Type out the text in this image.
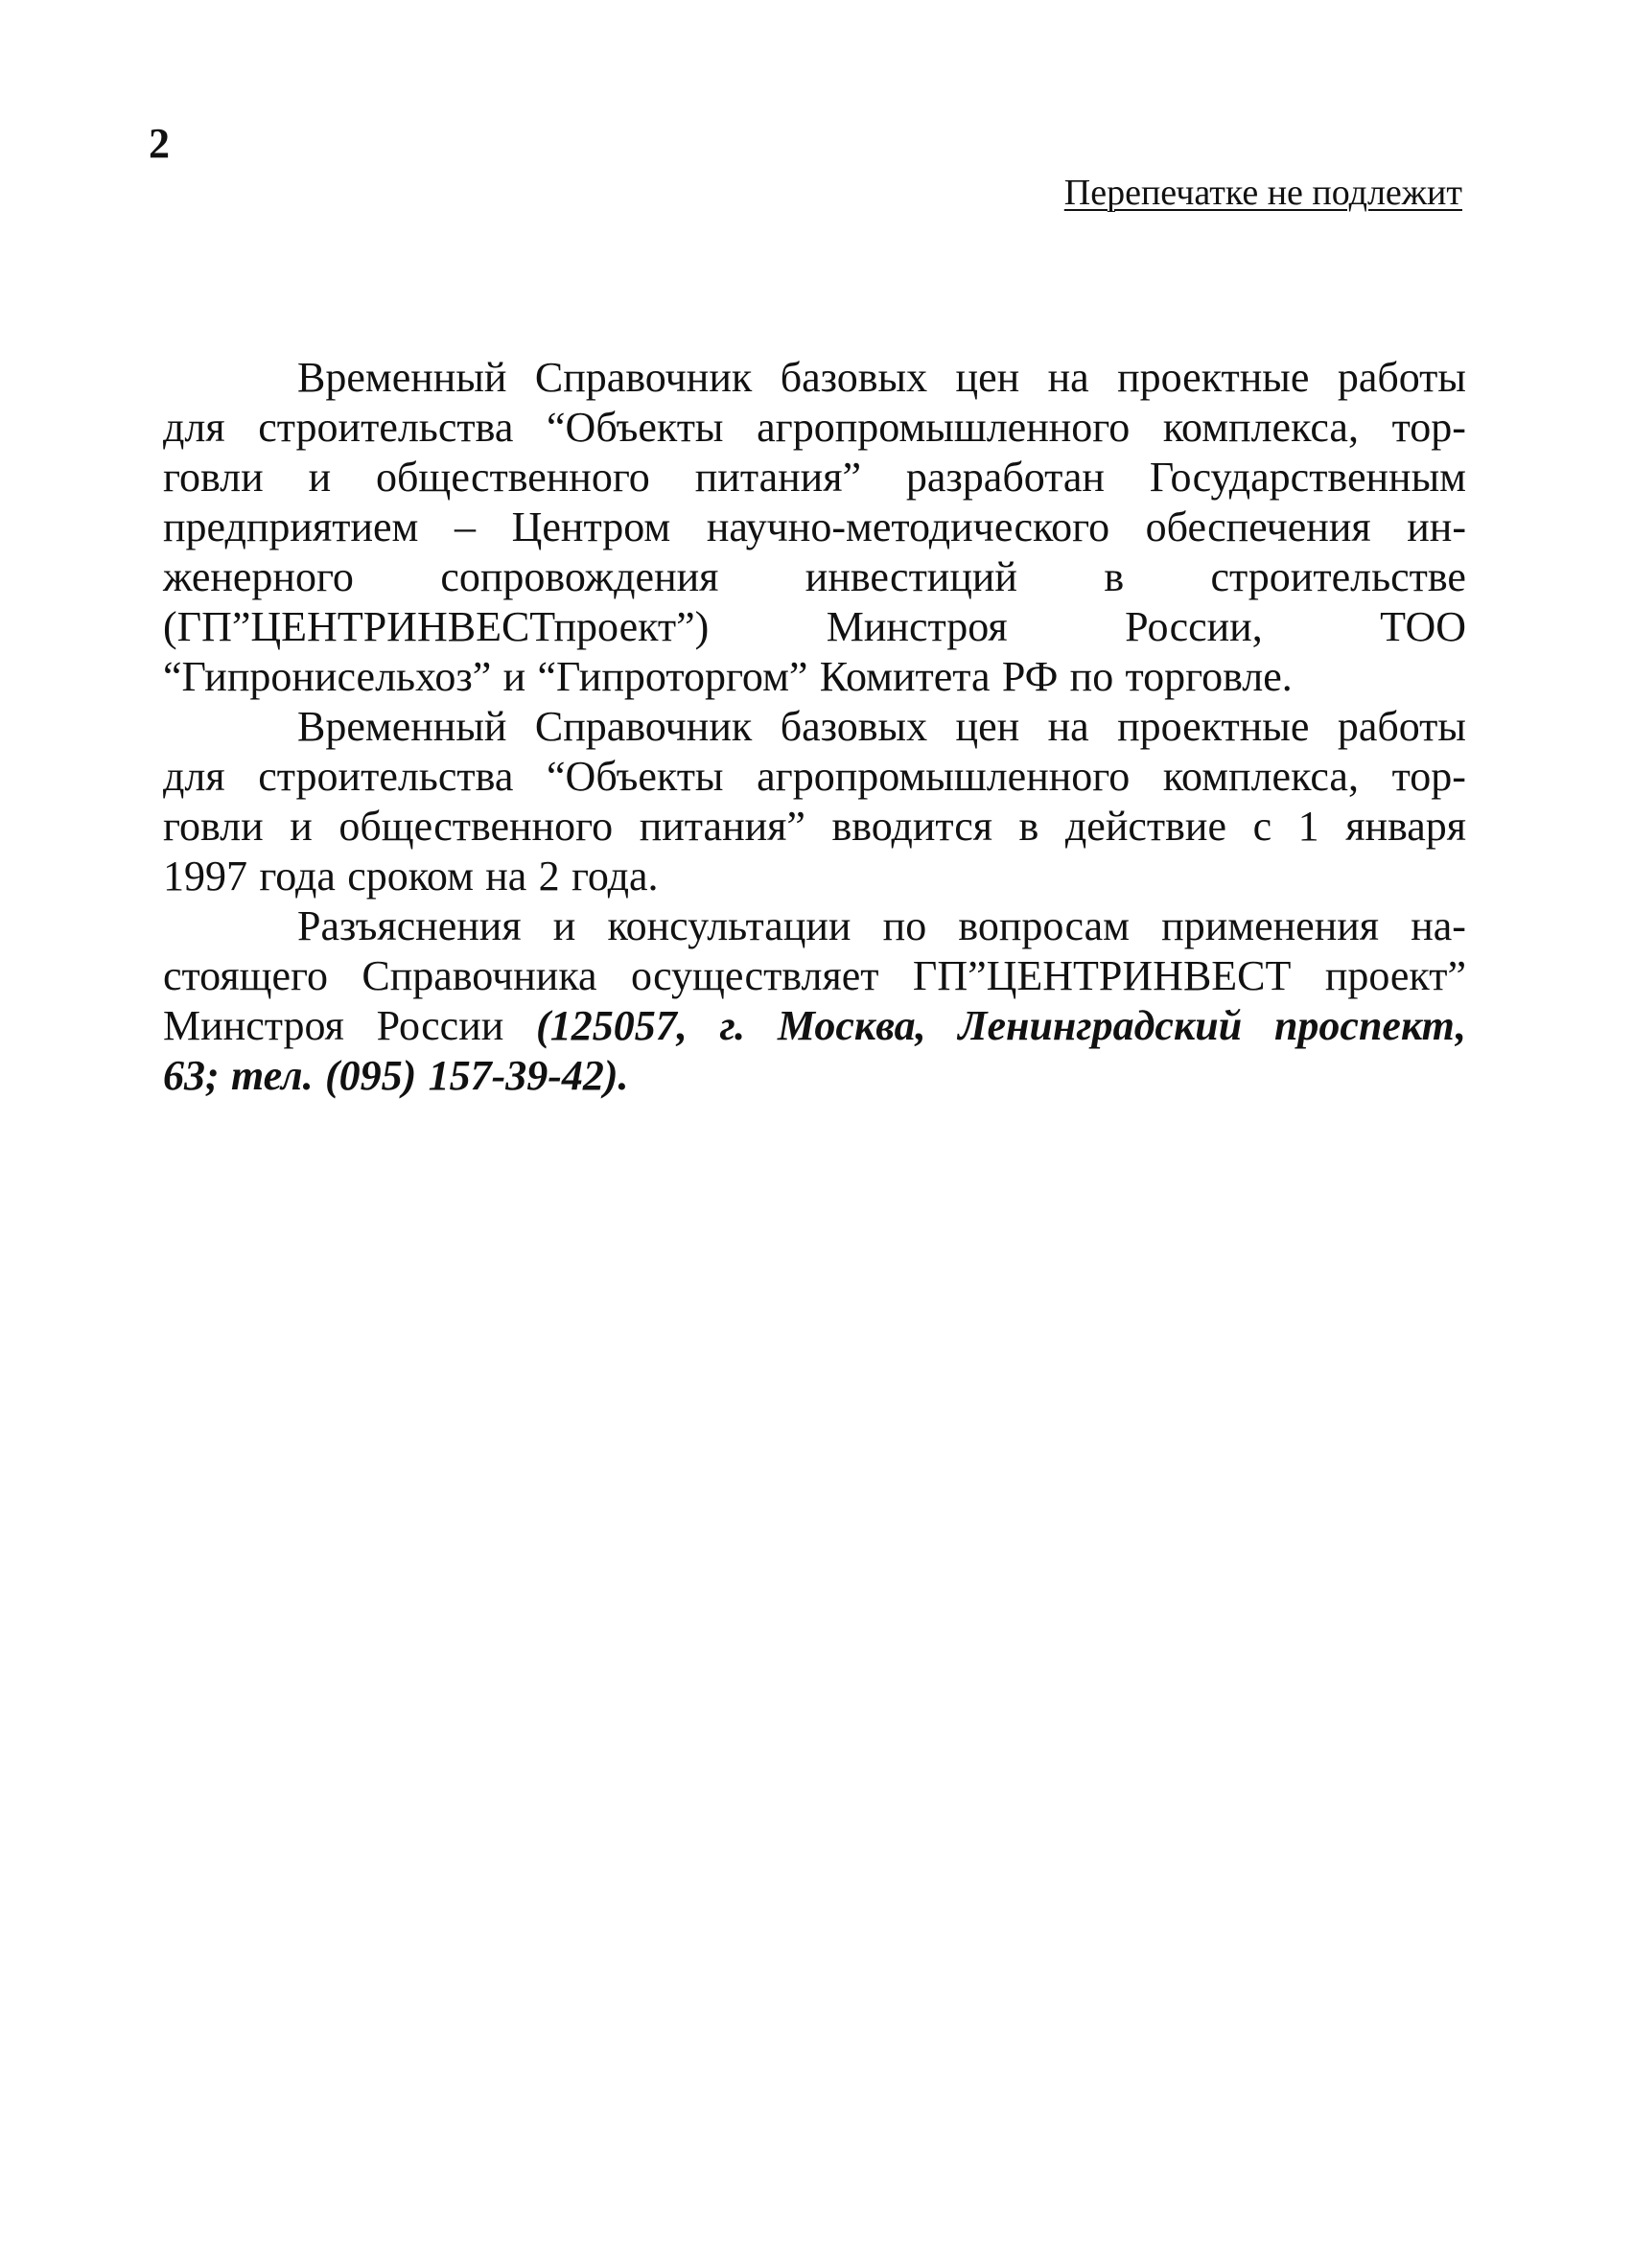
2
Перепечатке не подлежит
Временный Справочник базовых цен на проектные работы
для строительства “Объекты агропромышленного комплекса, тор-
говли и общественного питания” разработан Государственным
предприятием – Центром научно-методического обеспечения ин-
женерного сопровождения инвестиций в строительстве
(ГП”ЦЕНТРИНВЕСТпроект”)	Минстроя	России,	ТОО
“Гипронисельхоз” и “Гипроторгом” Комитета РФ по торговле.
Временный Справочник базовых цен на проектные работы
для строительства “Объекты агропромышленного комплекса, тор-
говли и общественного питания” вводится в действие с 1 января
1997 года сроком на 2 года.
Разъяснения и консультации по вопросам применения на-
стоящего Справочника осуществляет ГП”ЦЕНТРИНВЕСТ проект”
Минстроя России (125057, г. Москва, Ленинградский проспект,
63; тел. (095) 157-39-42).
